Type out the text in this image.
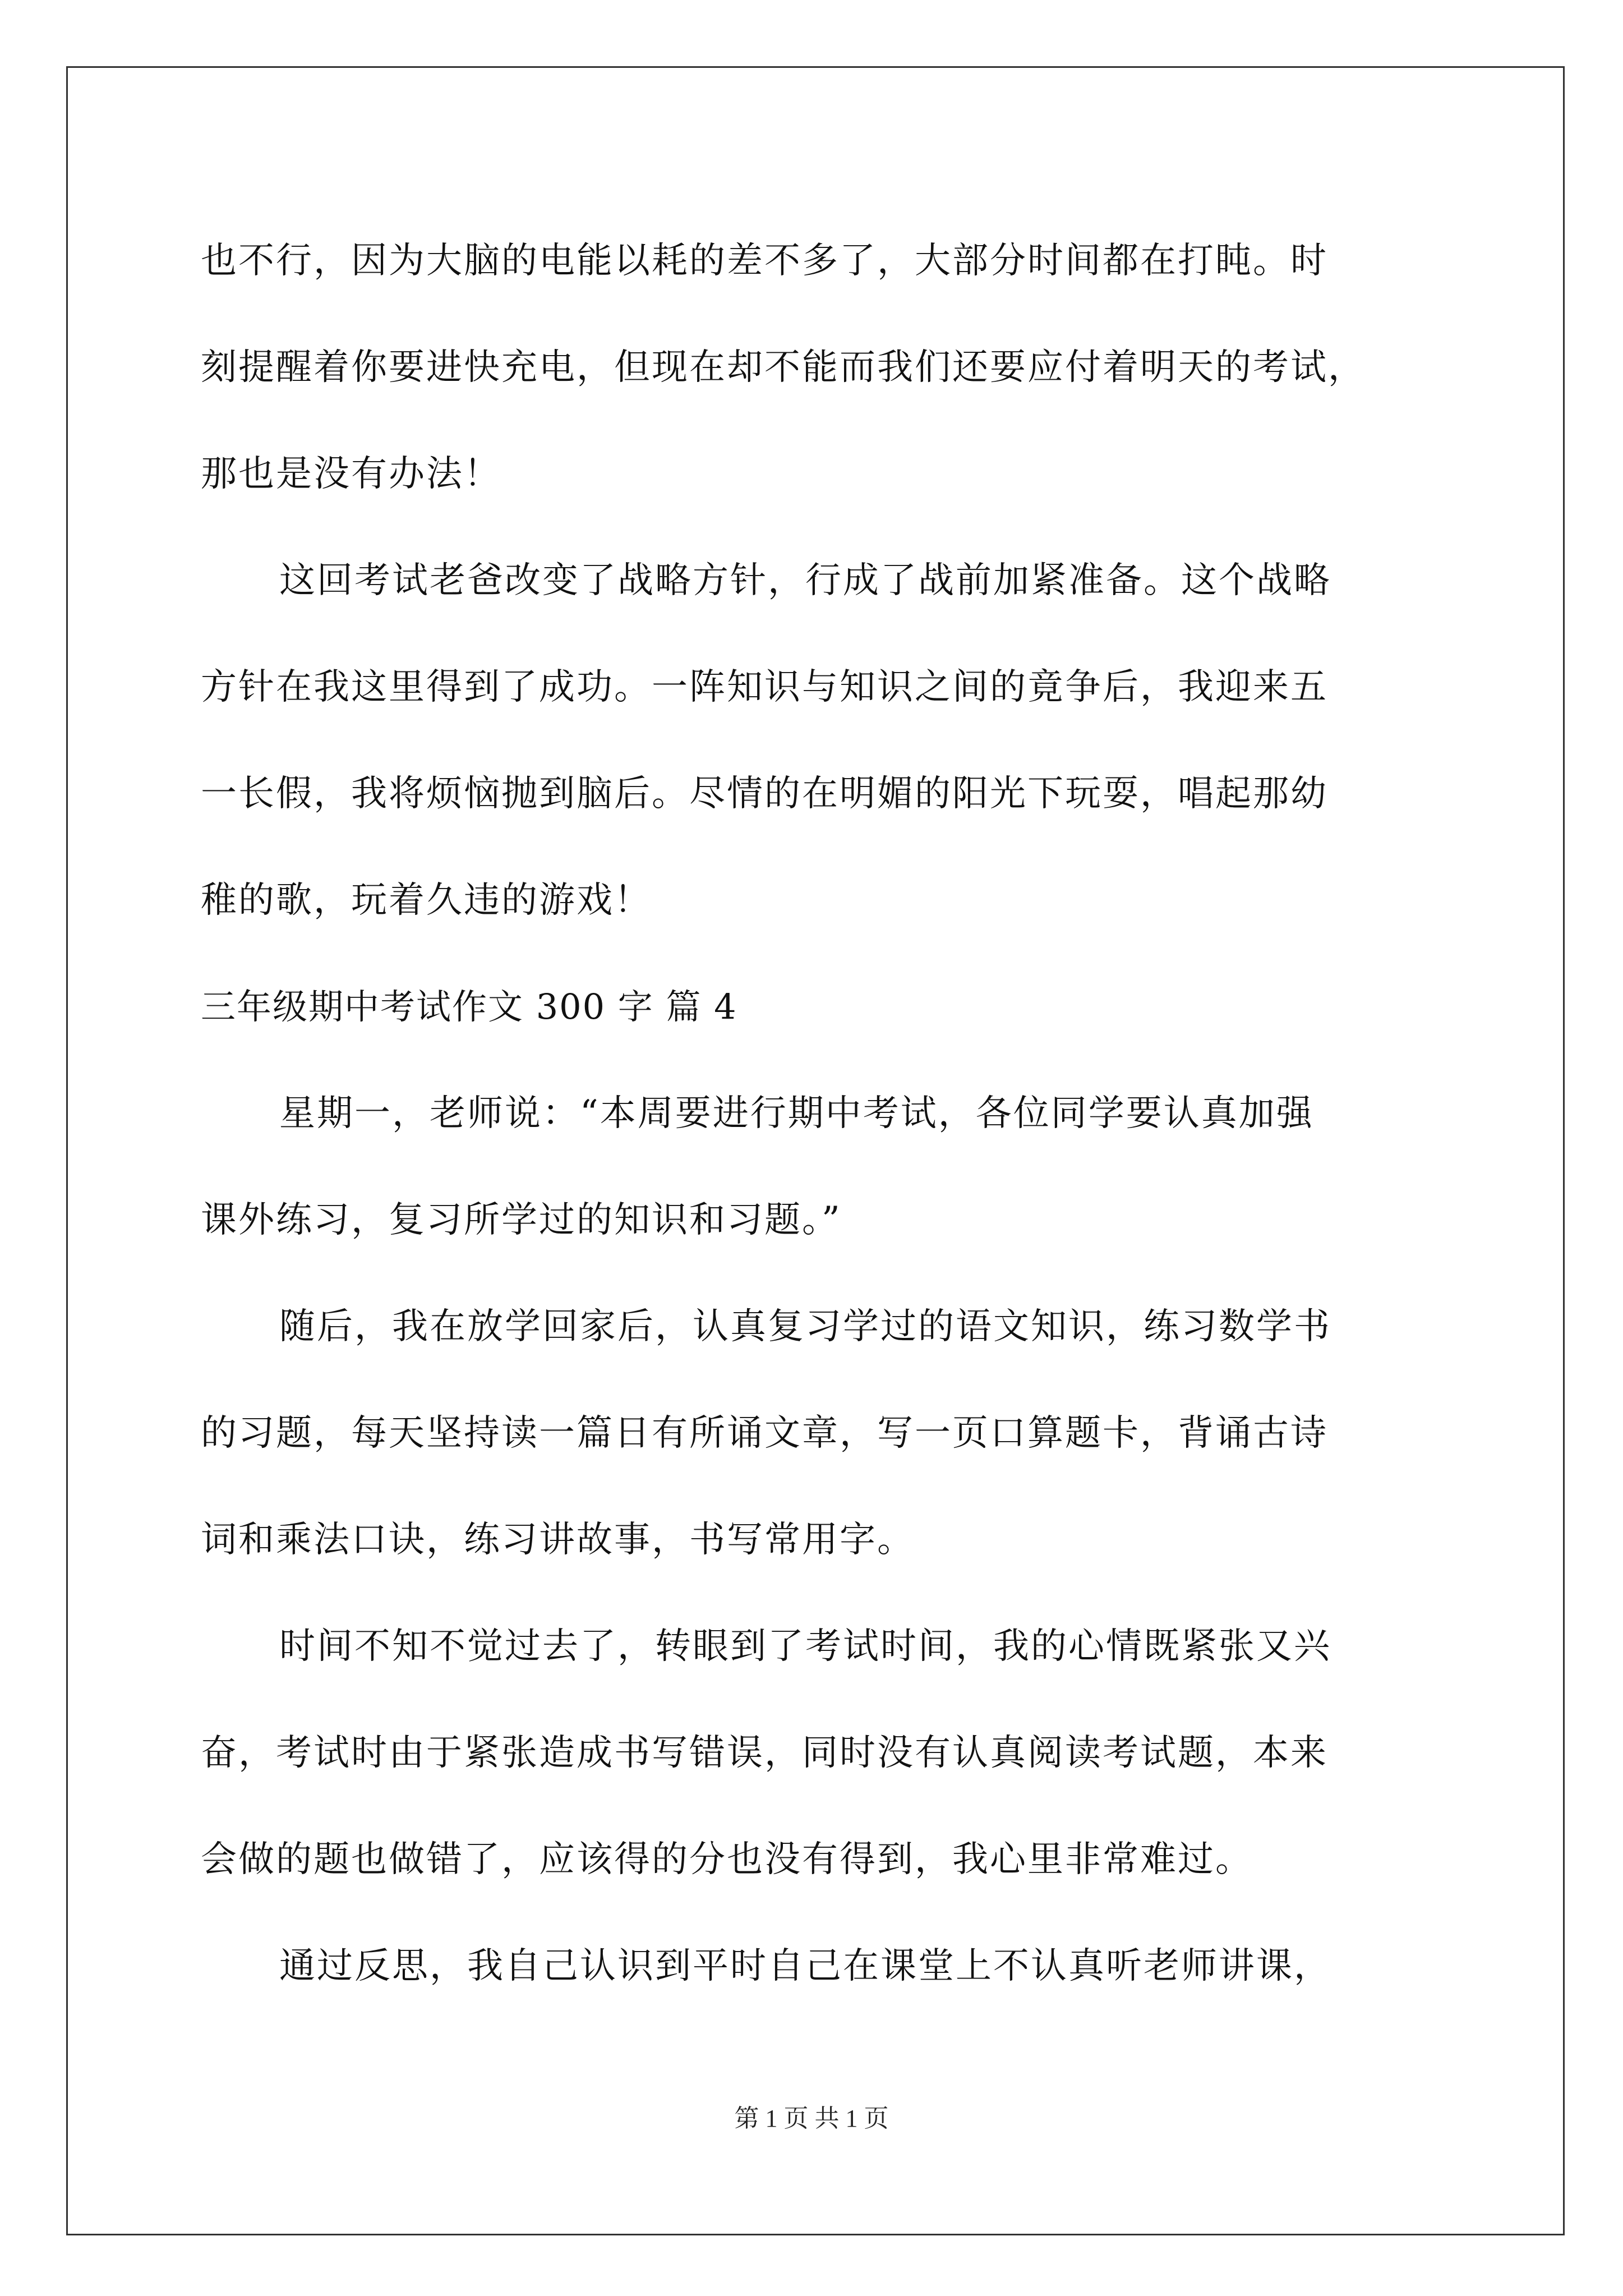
也不行，因为大脑的电能以耗的差不多了，大部分时间都在打盹。时
刻提醒着你要进快充电，但现在却不能而我们还要应付着明天的考试，
那也是没有办法！
这回考试老爸改变了战略方针，行成了战前加紧准备。这个战略
方针在我这里得到了成功。一阵知识与知识之间的竟争后，我迎来五
一长假，我将烦恼抛到脑后。尽情的在明媚的阳光下玩耍，唱起那幼
稚的歌，玩着久违的游戏！
三年级期中考试作文 300 字 篇 4
星期一，老师说：“本周要进行期中考试，各位同学要认真加强
课外练习，复习所学过的知识和习题。”
随后，我在放学回家后，认真复习学过的语文知识，练习数学书
的习题，每天坚持读一篇日有所诵文章，写一页口算题卡，背诵古诗
词和乘法口诀，练习讲故事，书写常用字。
时间不知不觉过去了，转眼到了考试时间，我的心情既紧张又兴
奋，考试时由于紧张造成书写错误，同时没有认真阅读考试题，本来
会做的题也做错了，应该得的分也没有得到，我心里非常难过。
通过反思，我自己认识到平时自己在课堂上不认真听老师讲课，
第 1 页 共 1 页
